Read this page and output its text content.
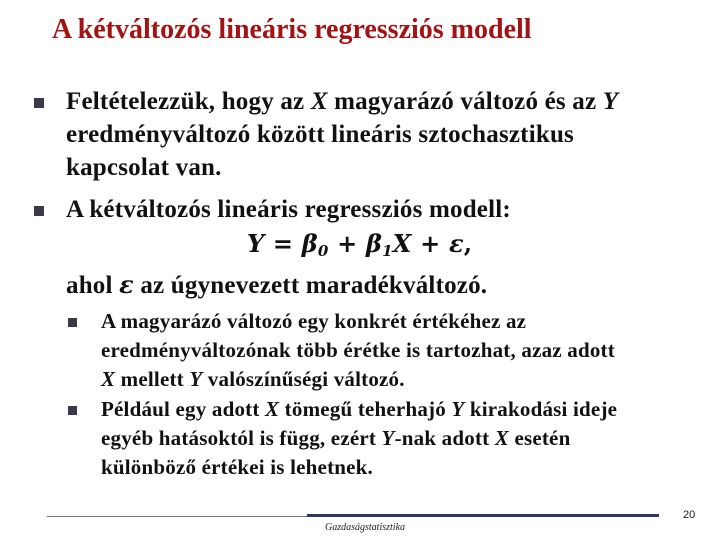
A kétváltozós lineáris regressziós modell
Feltételezzük, hogy az X magyarázó változó és az Y
eredményváltozó között lineáris sztochasztikus
kapcsolat van.
A kétváltozós lineáris regressziós modell:
$Y = \beta_0 + \beta_1X + \varepsilon$,
ahol ε az úgynevezett maradékváltozó.
A magyarázó változó egy konkrét értékéhez az
eredményváltozónak több érétke is tartozhat, azaz adott
X mellett Y valószínűségi változó.
Például egy adott X tömegű teherhajó Y kirakodási ideje
egyéb hatásoktól is függ, ezért Y-nak adott X esetén
különböző értékei is lehetnek.
Gazdaságstatisztika
20
